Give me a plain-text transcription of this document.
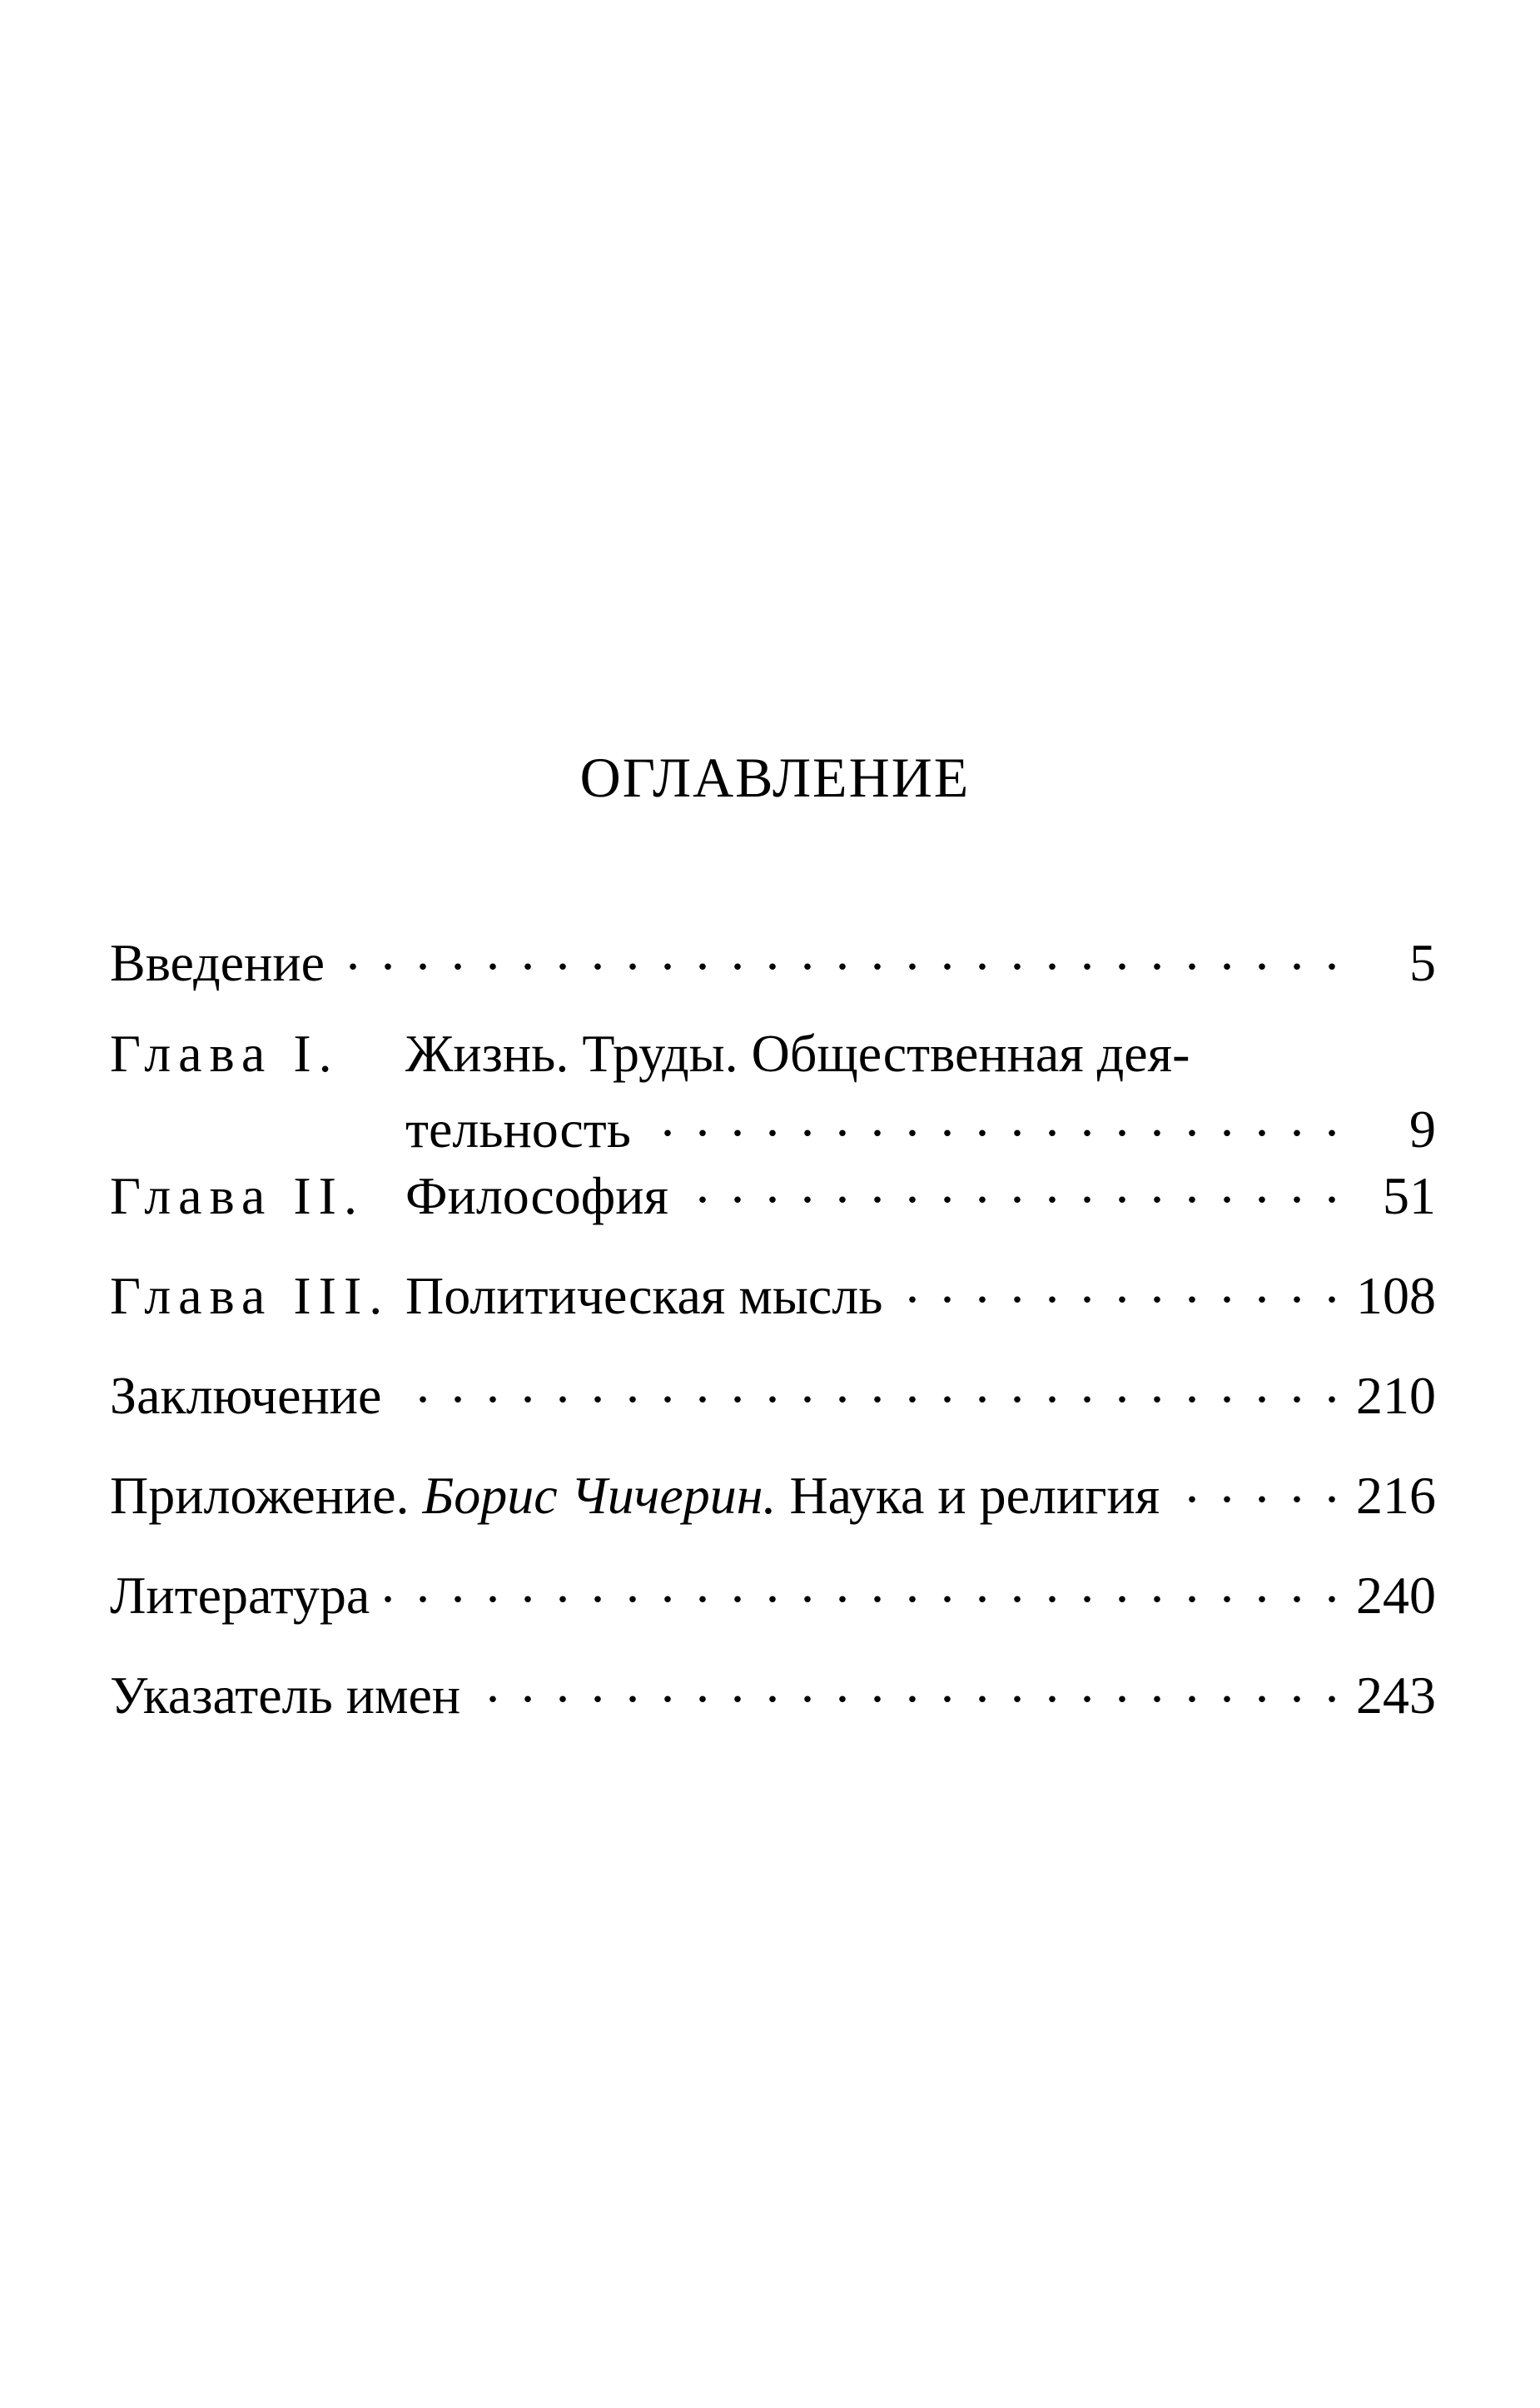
ОГЛАВЛЕНИЕ
Введение . . .	5
Глава I.	Жизнь. Труды. Общественная дея-
тельность . . .	9
Глава II. Философия . . .	51
Глава III. Политическая мысль . . .	108
Заключение . . .	210
Приложение. Борис Чичерин. Наука и религия . . .	216
Литература . . .	240
Указатель имен . . .	243
